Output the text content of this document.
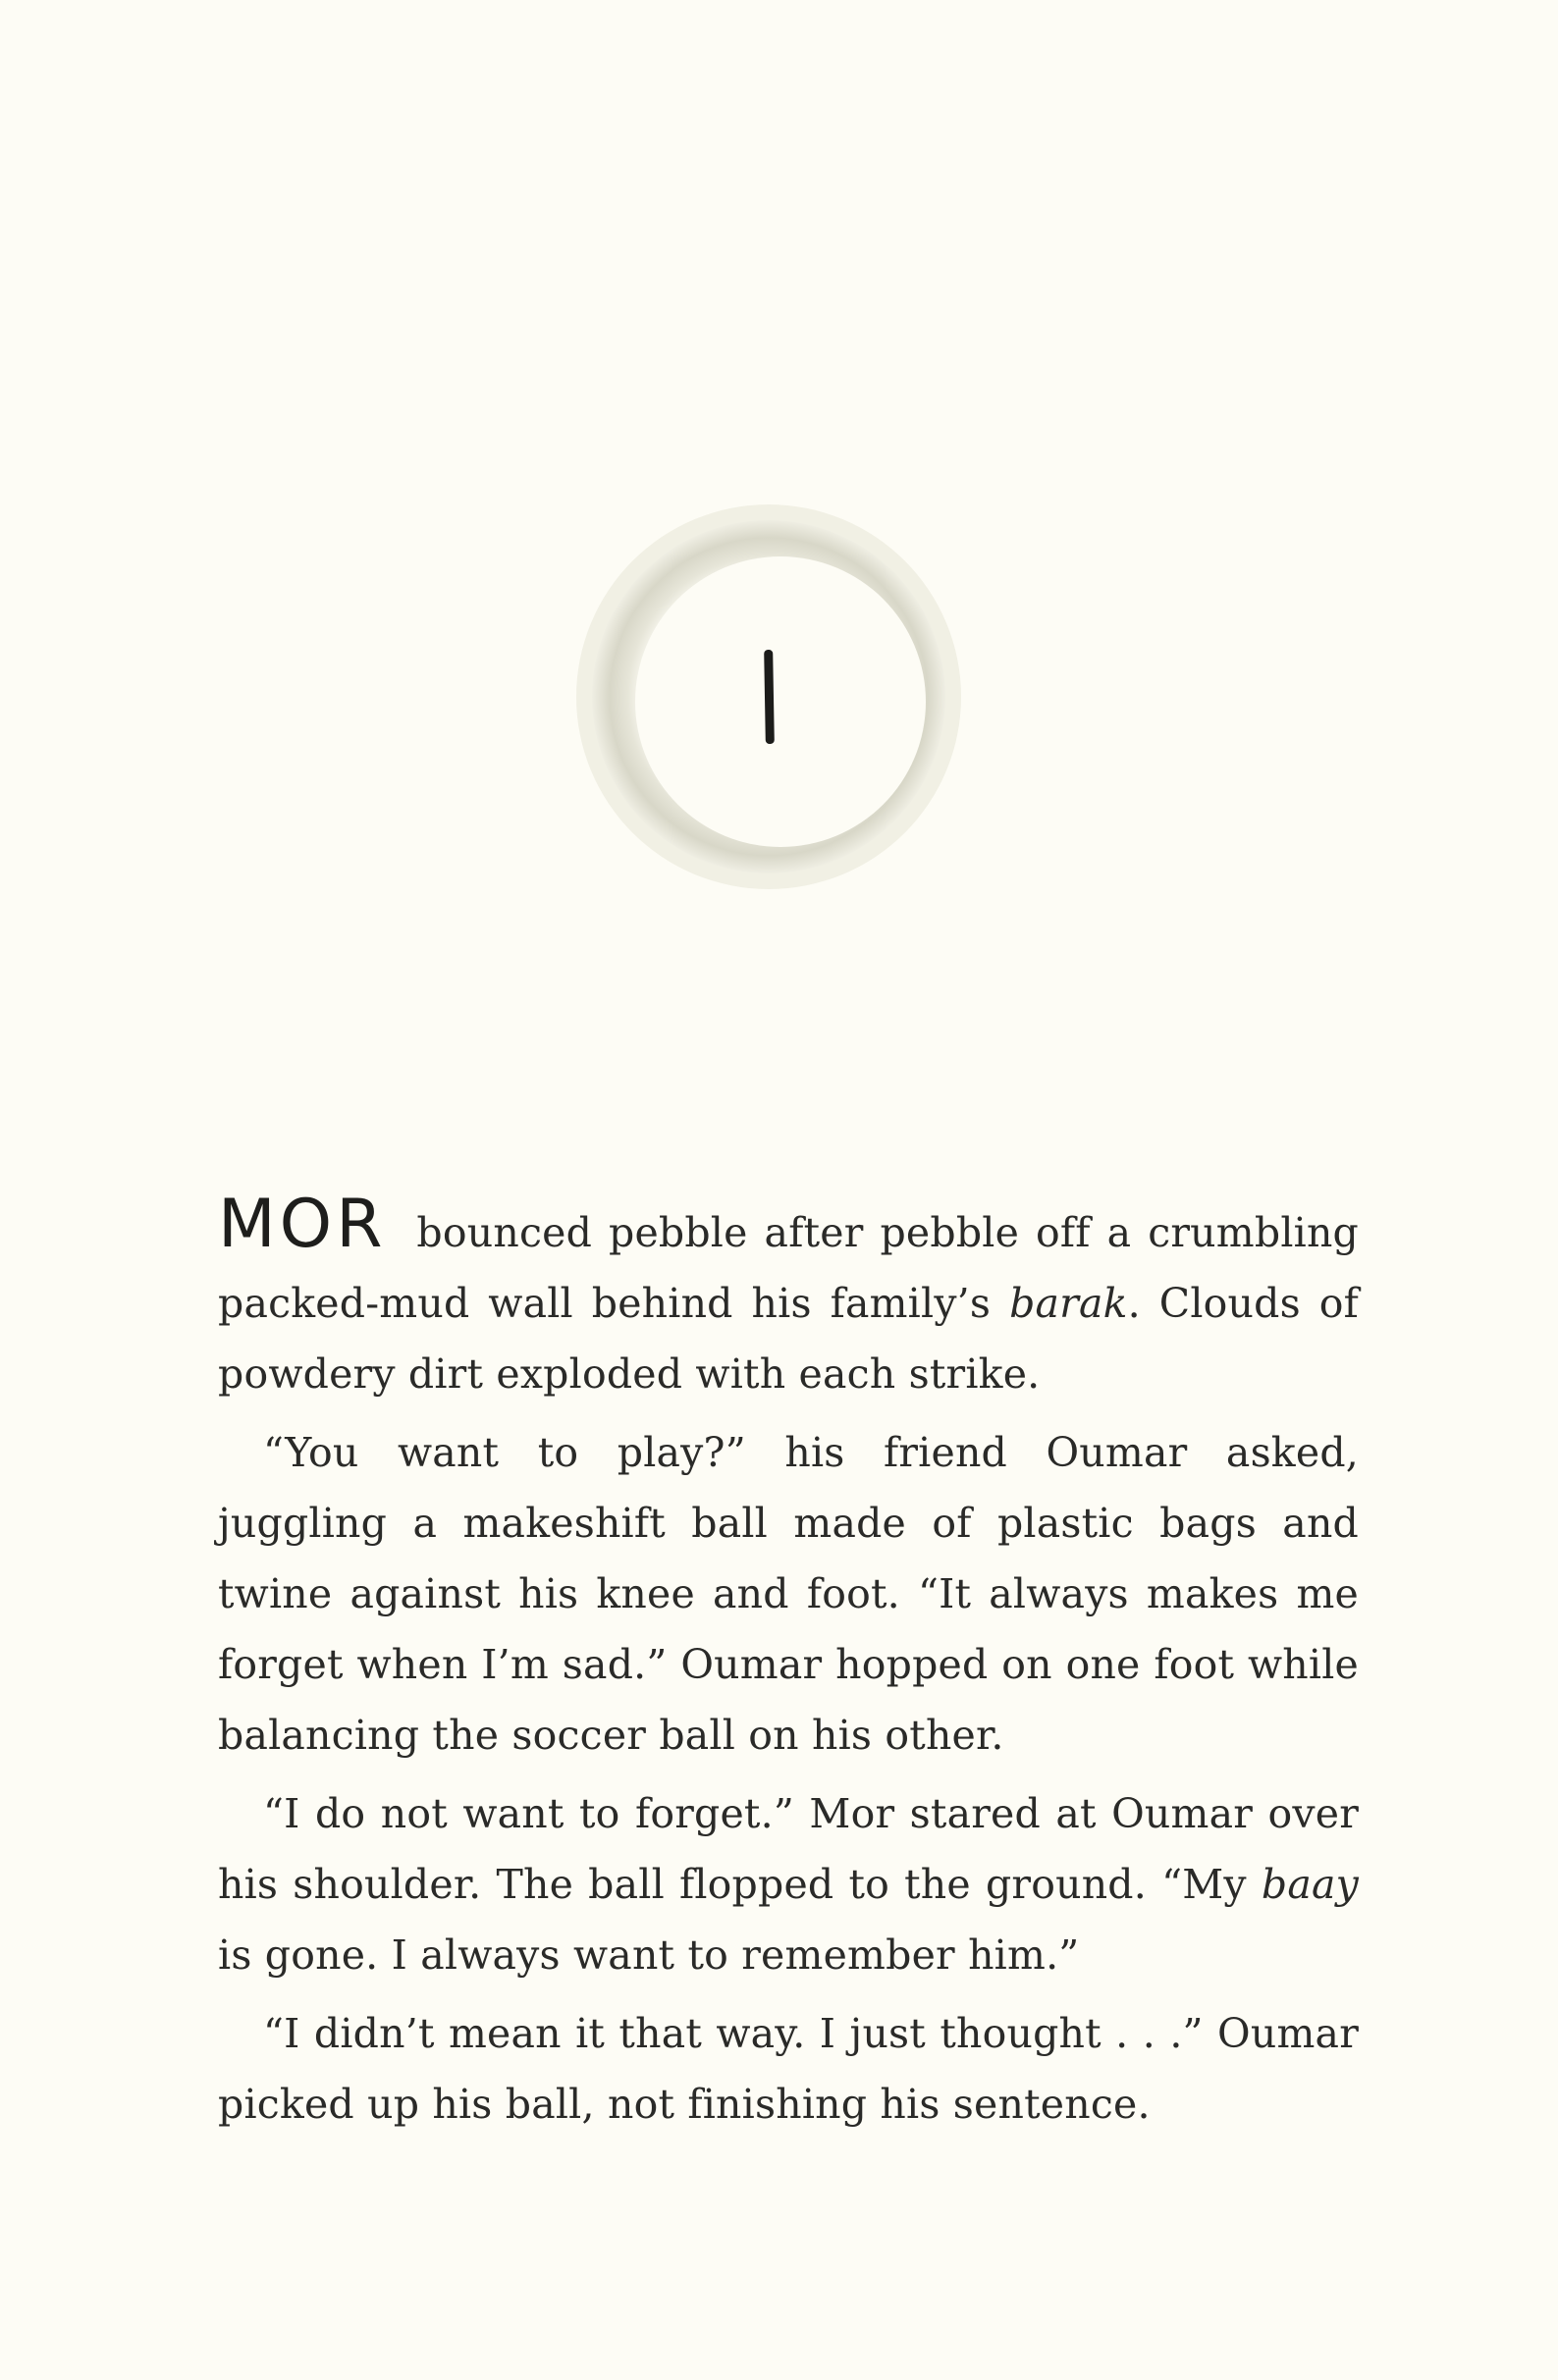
MOR bounced pebble after pebble off a crumbling packed-mud wall behind his family’s barak. Clouds of powdery dirt exploded with each strike.

“You want to play?” his friend Oumar asked, juggling a makeshift ball made of plastic bags and twine against his knee and foot. “It always makes me forget when I’m sad.” Oumar hopped on one foot while balancing the soccer ball on his other.

“I do not want to forget.” Mor stared at Oumar over his shoulder. The ball flopped to the ground. “My baay is gone. I always want to remember him.”

“I didn’t mean it that way. I just thought . . .” Oumar picked up his ball, not finishing his sentence.
